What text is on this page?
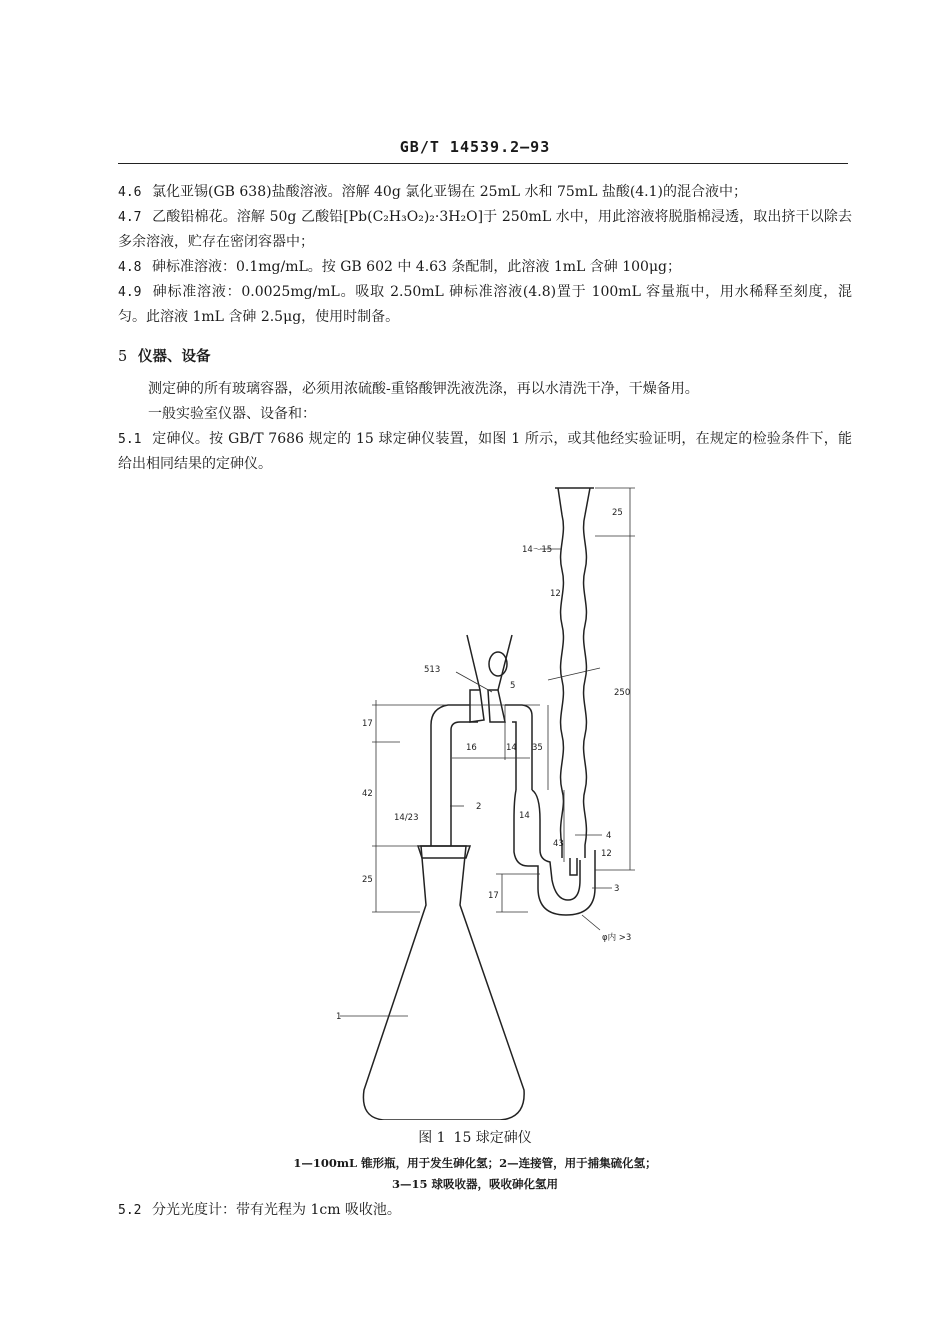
GB/T 14539.2—93
4.6 氯化亚锡(GB 638)盐酸溶液。溶解 40g 氯化亚锡在 25mL 水和 75mL 盐酸(4.1)的混合液中；
4.7 乙酸铅棉花。溶解 50g 乙酸铅[Pb(C₂H₃O₂)₂·3H₂O]于 250mL 水中，用此溶液将脱脂棉浸透，取出挤干以除去多余溶液，贮存在密闭容器中；
4.8 砷标准溶液：0.1mg/mL。按 GB 602 中 4.63 条配制，此溶液 1mL 含砷 100μg；
4.9 砷标准溶液：0.0025mg/mL。吸取 2.50mL 砷标准溶液(4.8)置于 100mL 容量瓶中，用水稀释至刻度，混匀。此溶液 1mL 含砷 2.5μg，使用时制备。
5 仪器、设备
测定砷的所有玻璃容器，必须用浓硫酸-重铬酸钾洗液洗涤，再以水清洗干净，干燥备用。
一般实验室仪器、设备和：
5.1 定砷仪。按 GB/T 7686 规定的 15 球定砷仪装置，如图 1 所示，或其他经实验证明，在规定的检验条件下，能给出相同结果的定砷仪。
1
2
3
4
5
513
14/23
14～15
12
12
16	14
14
17
42
25
17
25
35
43
250
φ内 >3
图 1 15 球定砷仪
1—100mL 锥形瓶，用于发生砷化氢；2—连接管，用于捕集硫化氢；
3—15 球吸收器，吸收砷化氢用
5.2 分光光度计：带有光程为 1cm 吸收池。
